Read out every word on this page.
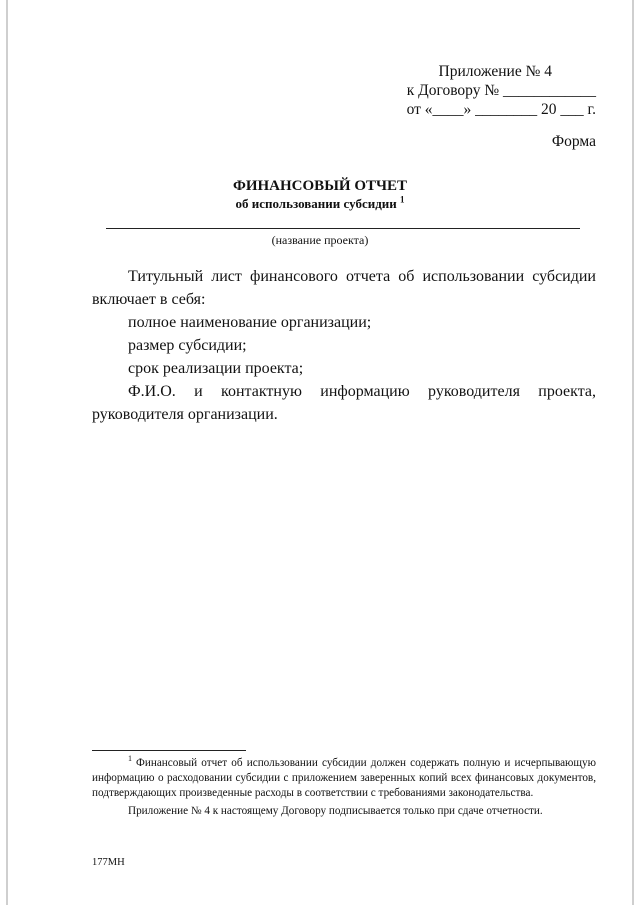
Приложение № 4
к Договору № ____________
от «____» ________ 20 ___ г.
Форма
ФИНАНСОВЫЙ ОТЧЕТ
об использовании субсидии $^1$
(название проекта)

Титульный лист финансового отчета об использовании субсидии включает в себя:

полное наименование организации;

размер субсидии;

срок реализации проекта;

Ф.И.О. и контактную информацию руководителя проекта, руководителя организации.

$^1$ Финансовый отчет об использовании субсидии должен содержать полную и исчерпывающую информацию о расходовании субсидии с приложением заверенных копий всех финансовых документов, подтверждающих произведенные расходы в соответствии с требованиями законодательства.

Приложение № 4 к настоящему Договору подписывается только при сдаче отчетности.

177МН
